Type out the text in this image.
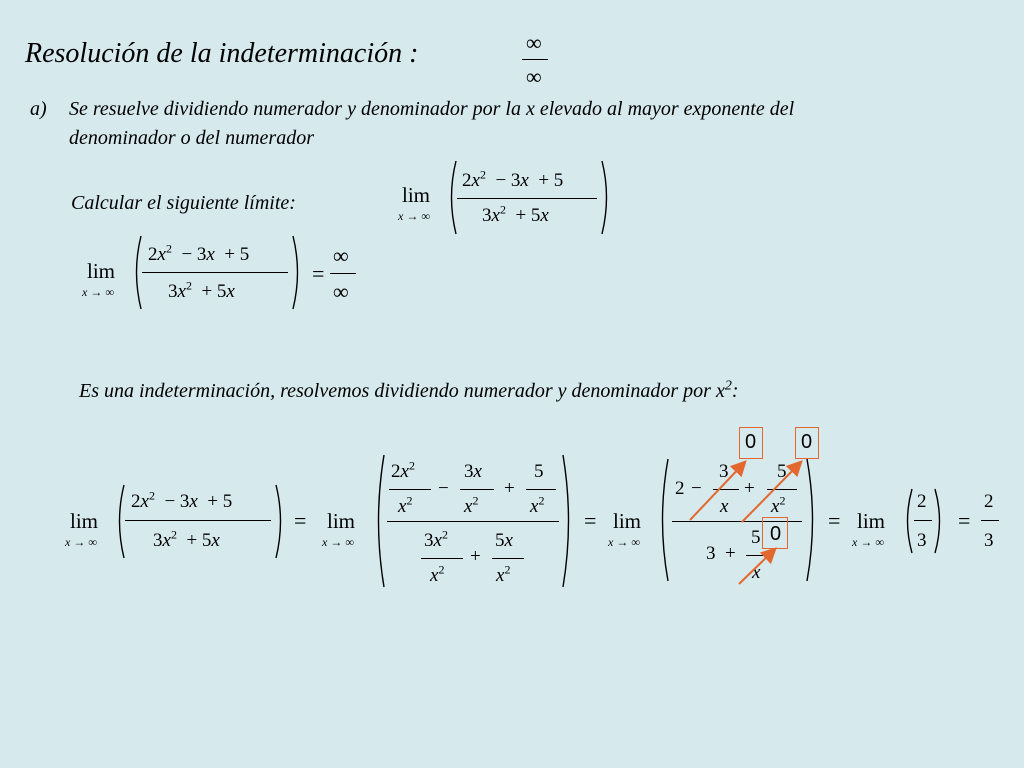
Resolución de la indeterminación :	∞
∞
a) Se resuelve dividiendo numerador y denominador por la x elevado al mayor exponente del
denominador o del numerador
Calcular el siguiente límite:	lim
x → ∞
$2x^2 - 3x + 5$
$3x^2 + 5x$
lim
x → ∞
$2x^2 - 3x + 5$
$3x^2 + 5x$
=
∞
∞
Es una indeterminación, resolvemos dividiendo numerador y denominador por $x^2$:
lim
x → ∞
$2x^2 - 3x + 5$
$3x^2 + 5x$
= lim
x → ∞
$2x^2$
$x^2$
−
3x
$x^2$
+
5
$x^2$
$3x^2$
$x^2$
+
5x
$x^2$
= lim
x → ∞
2 −
3
x
+
5
$x^2$
3 +
5
x
= lim
x → ∞
2
3
=
2
3
0 0
0
